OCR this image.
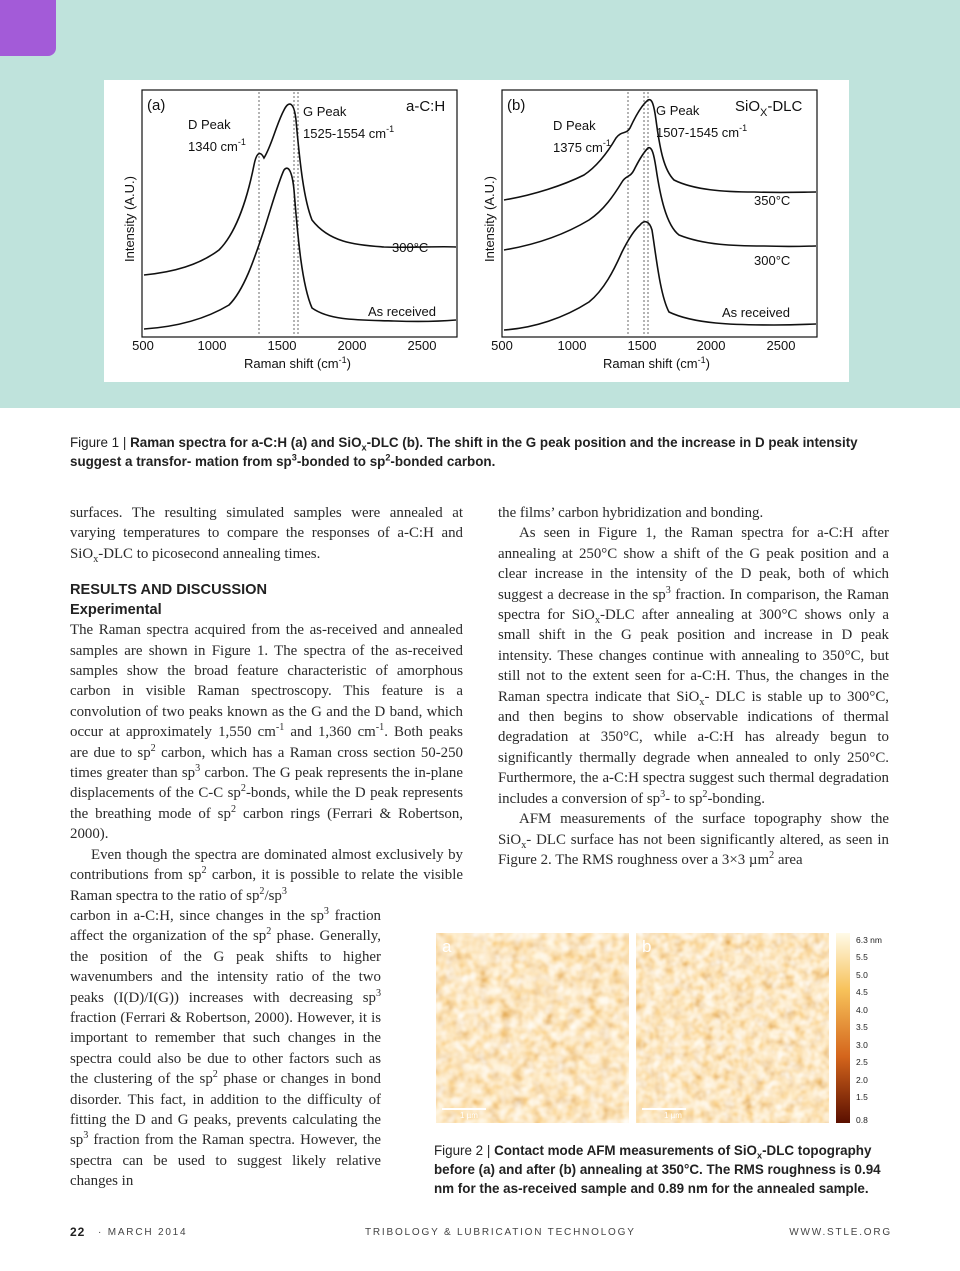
(a)	a-C:H
D Peak
1340 $cm^{-1}$
G Peak
1525-1554 $cm^{-1}$
300°C
As received
500	1000	1500	2000	2500
Raman shift $(cm^{-1})$
Intensity (A.U.)
(b)	SiO$_X$-DLC
D Peak
1375 $cm^{-1}$
G Peak
1507-1545 $cm^{-1}$
350°C
300°C
As received
500	1000	1500	2000	2500
Raman shift $(cm^{-1})$
Intensity (A.U.)
Figure 1 | Raman spectra for a-C:H (a) and SiO$_x$-DLC (b). The shift in the G peak position and the increase in D peak intensity suggest a transfor- mation from $sp^3$-bonded to $sp^2$-bonded carbon.

surfaces. The resulting simulated samples were annealed at varying temperatures to compare the responses of a-C:H and SiO$_x$-DLC to picosecond annealing times.

RESULTS AND DISCUSSION

Experimental

The Raman spectra acquired from the as-received and annealed samples are shown in Figure 1. The spectra of the as-received samples show the broad feature characteristic of amorphous carbon in visible Raman spectroscopy. This feature is a convolution of two peaks known as the G and the D band, which occur at approximately 1,550 $cm^{-1}$ and 1,360 $cm^{-1}$. Both peaks are due to $sp^2$ carbon, which has a Raman cross section 50-250 times greater than $sp^3$ carbon. The G peak represents the in-plane displacements of the C-C $sp^2$-bonds, while the D peak represents the breathing mode of $sp^2$ carbon rings (Ferrari & Robertson, 2000).

Even though the spectra are dominated almost exclusively by contributions from $sp^2$ carbon, it is possible to relate the visible Raman spectra to the ratio of $sp^2/sp^3$

carbon in a-C:H, since changes in the $sp^3$ fraction affect the organization of the $sp^2$ phase. Generally, the position of the G peak shifts to higher wavenumbers and the intensity ratio of the two peaks (I(D)/I(G)) increases with decreasing $sp^3$ fraction (Ferrari & Robertson, 2000). However, it is important to remember that such changes in the spectra could also be due to other factors such as the clustering of the $sp^2$ phase or changes in bond disorder. This fact, in addition to the difficulty of fitting the D and G peaks, prevents calculating the $sp^3$ fraction from the Raman spectra. However, the spectra can be used to suggest likely relative changes in

the films’ carbon hybridization and bonding.

As seen in Figure 1, the Raman spectra for a-C:H after annealing at 250°C show a shift of the G peak position and a clear increase in the intensity of the D peak, both of which suggest a decrease in the $sp^3$ fraction. In comparison, the Raman spectra for SiO$_x$-DLC after annealing at 300°C shows only a small shift in the G peak position and increase in D peak intensity. These changes continue with annealing to 350°C, but still not to the extent seen for a-C:H. Thus, the changes in the Raman spectra indicate that SiO$_x$- DLC is stable up to 300°C, and then begins to show observable indications of thermal degradation at 350°C, while a-C:H has already begun to significantly thermally degrade when annealed to only 250°C. Furthermore, the a-C:H spectra suggest such thermal degradation includes a conversion of $sp^3-$ to $sp^2$-bonding.

AFM measurements of the surface topography show the SiO$_x$- DLC surface has not been significantly altered, as seen in Figure 2. The RMS roughness over a 3×3 µm$^2$ area

a	b
1 µm	1 µm
6.3 nm
5.5
5.0
4.5
4.0
3.5
3.0
2.5
2.0
1.5
0.8
Figure 2 | Contact mode AFM measurements of SiO$_x$-DLC topography before (a) and after (b) annealing at 350°C. The RMS roughness is 0.94 nm for the as-received sample and 0.89 nm for the annealed sample.
22 · MARCH 2014	TRIBOLOGY & LUBRICATION TECHNOLOGY	WWW.STLE.ORG
